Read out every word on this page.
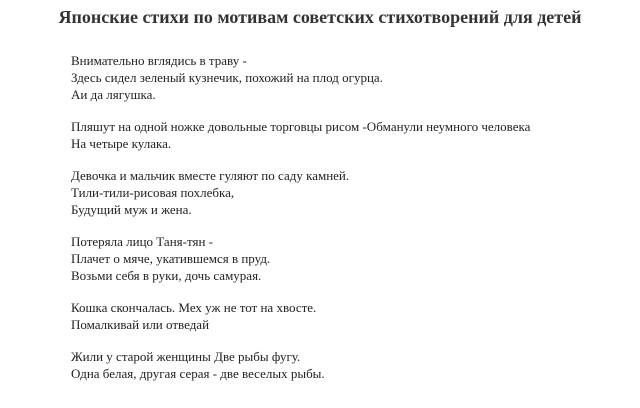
Японские стихи по мотивам советских стихотворений для детей
Внимательно вглядись в траву -
Здесь сидел зеленый кузнечик, похожий на плод огурца.
Аи да лягушка.
Пляшут на одной ножке довольные торговцы рисом -Обманули неумного человека
На четыре кулака.
Девочка и мальчик вместе гуляют по саду камней.
Тили-тили-рисовая похлебка,
Будущий муж и жена.
Потеряла лицо Таня-тян -
Плачет о мяче, укатившемся в пруд.
Возьми себя в руки, дочь самурая.
Кошка скончалась. Мех уж не тот на хвосте.
Помалкивай или отведай
Жили у старой женщины Две рыбы фугу.
Одна белая, другая серая - две веселых рыбы.
